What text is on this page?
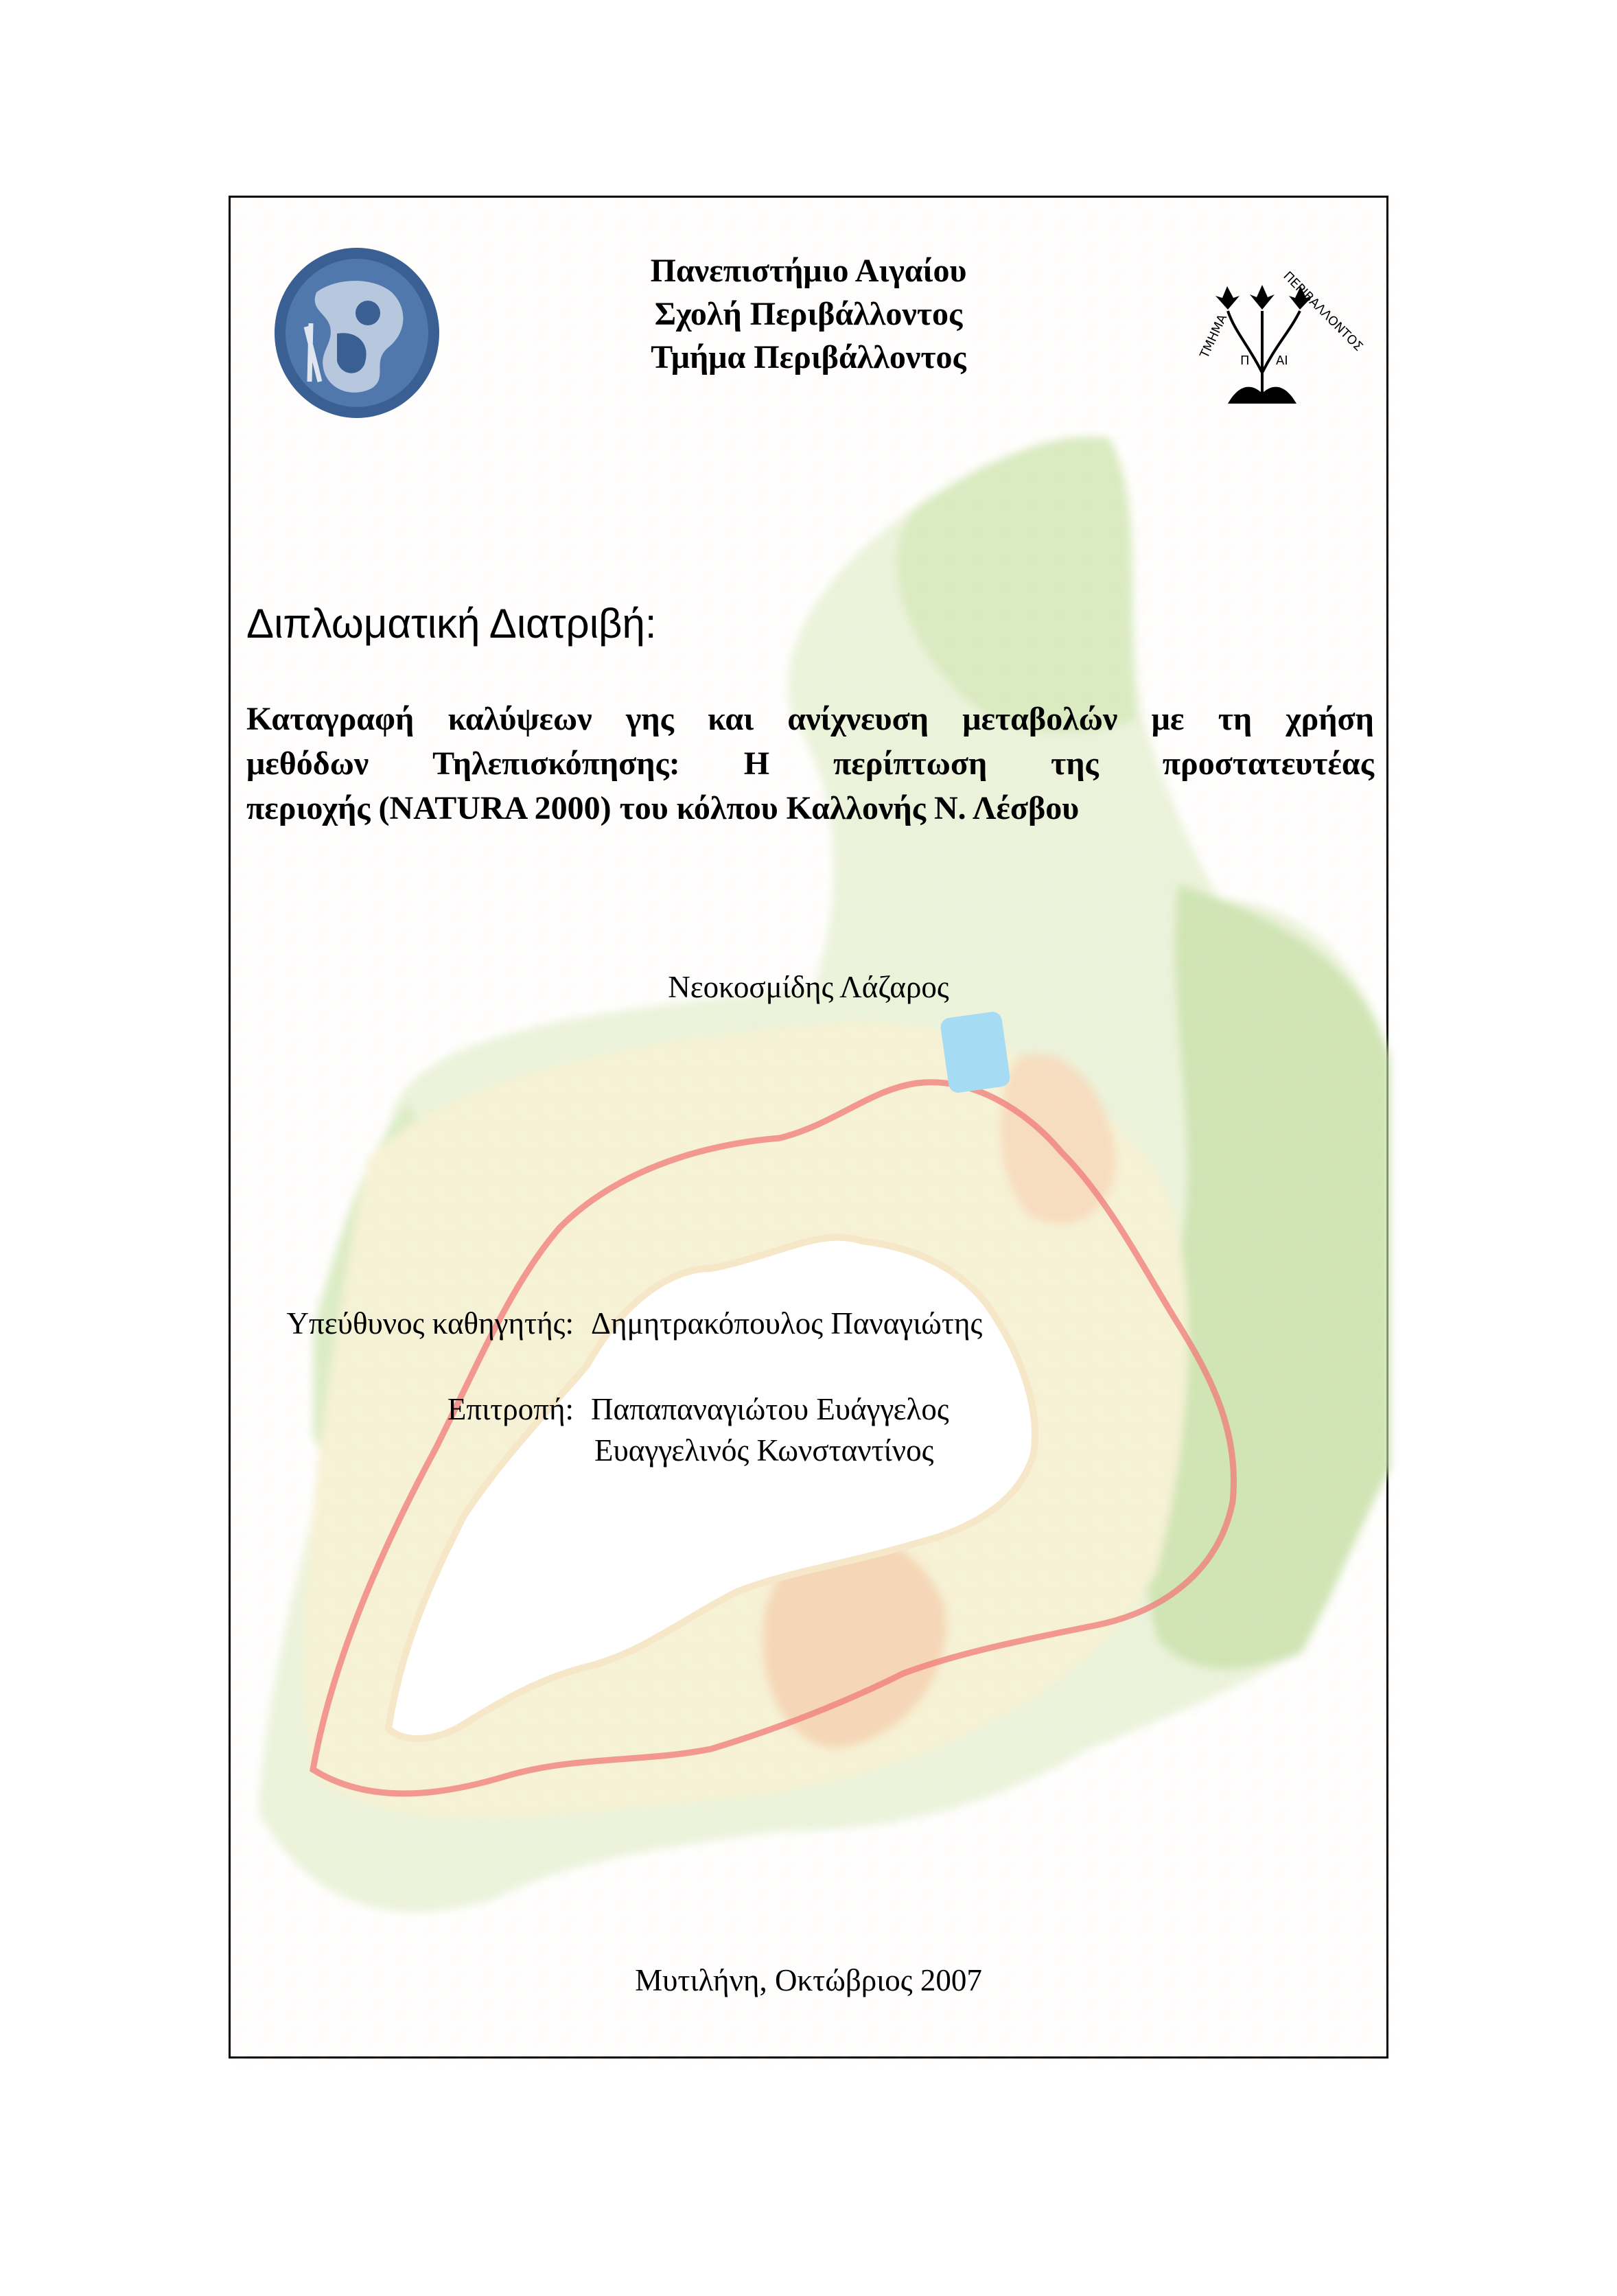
ΤΜΗΜΑ	ΠΕΡΙΒΑΛΛΟΝΤΟΣ
Π ΑΙ
Πανεπιστήμιο Αιγαίου
Σχολή Περιβάλλοντος
Τμήμα Περιβάλλοντος
Διπλωματική Διατριβή:
Καταγραφή καλύψεων γης και ανίχνευση μεταβολών με τη χρήση
μεθόδων Τηλεπισκόπησης: Η περίπτωση της προστατευτέας
περιοχής (NATURA 2000) του κόλπου Καλλονής Ν. Λέσβου
Νεοκοσμίδης Λάζαρος
Υπεύθυνος καθηγητής: Δημητρακόπουλος Παναγιώτης
Επιτροπή: Παπαπαναγιώτου Ευάγγελος
Ευαγγελινός Κωνσταντίνος
Μυτιλήνη, Οκτώβριος 2007
